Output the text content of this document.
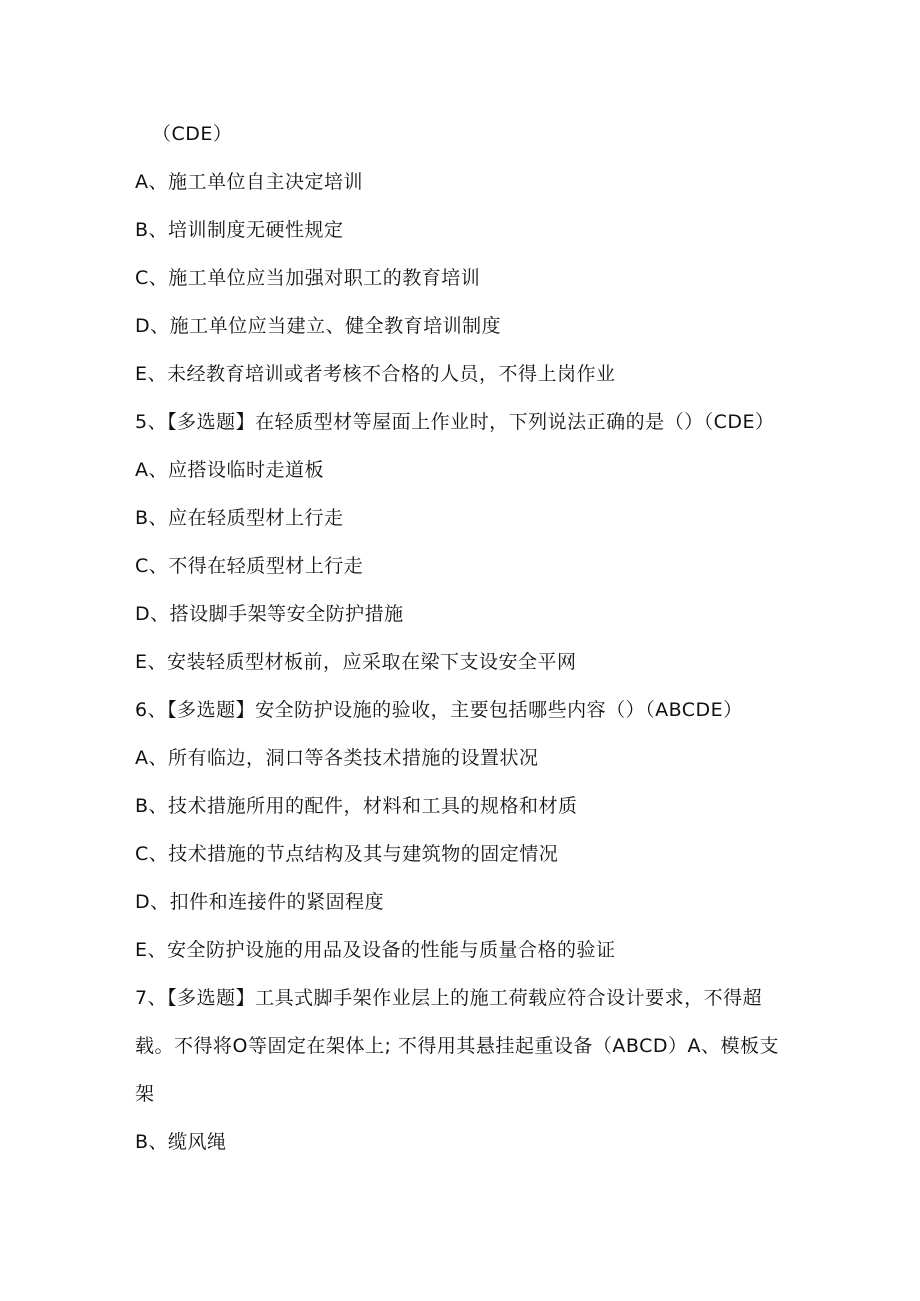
（CDE）
A、施工单位自主决定培训
B、培训制度无硬性规定
C、施工单位应当加强对职工的教育培训
D、施工单位应当建立、健全教育培训制度
E、未经教育培训或者考核不合格的人员，不得上岗作业
5、【多选题】在轻质型材等屋面上作业时，下列说法正确的是（）（CDE）
A、应搭设临时走道板
B、应在轻质型材上行走
C、不得在轻质型材上行走
D、搭设脚手架等安全防护措施
E、安装轻质型材板前，应采取在梁下支设安全平网
6、【多选题】安全防护设施的验收，主要包括哪些内容（）（ABCDE）
A、所有临边，洞口等各类技术措施的设置状况
B、技术措施所用的配件，材料和工具的规格和材质
C、技术措施的节点结构及其与建筑物的固定情况
D、扣件和连接件的紧固程度
E、安全防护设施的用品及设备的性能与质量合格的验证
7、【多选题】工具式脚手架作业层上的施工荷载应符合设计要求，不得超
载。不得将O等固定在架体上; 不得用其悬挂起重设备（ABCD）A、模板支
架
B、缆风绳
